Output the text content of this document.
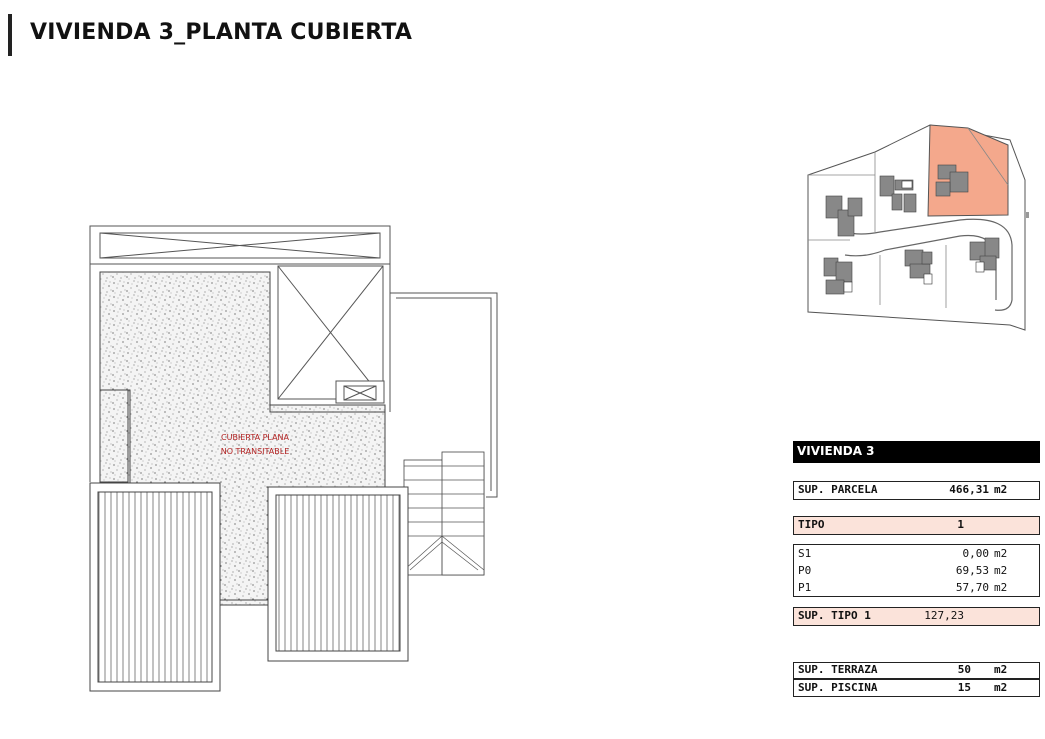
VIVIENDA 3_PLANTA CUBIERTA
CUBIERTA PLANA
NO TRANSITABLE	VIVIENDA 3
SUP. PARCELA	466,31 m2
TIPO	1
S1	0,00 m2
P0	69,53 m2
P1	57,70 m2
SUP. TIPO 1	127,23
SUP. TERRAZA	50 m2
SUP. PISCINA	15 m2
